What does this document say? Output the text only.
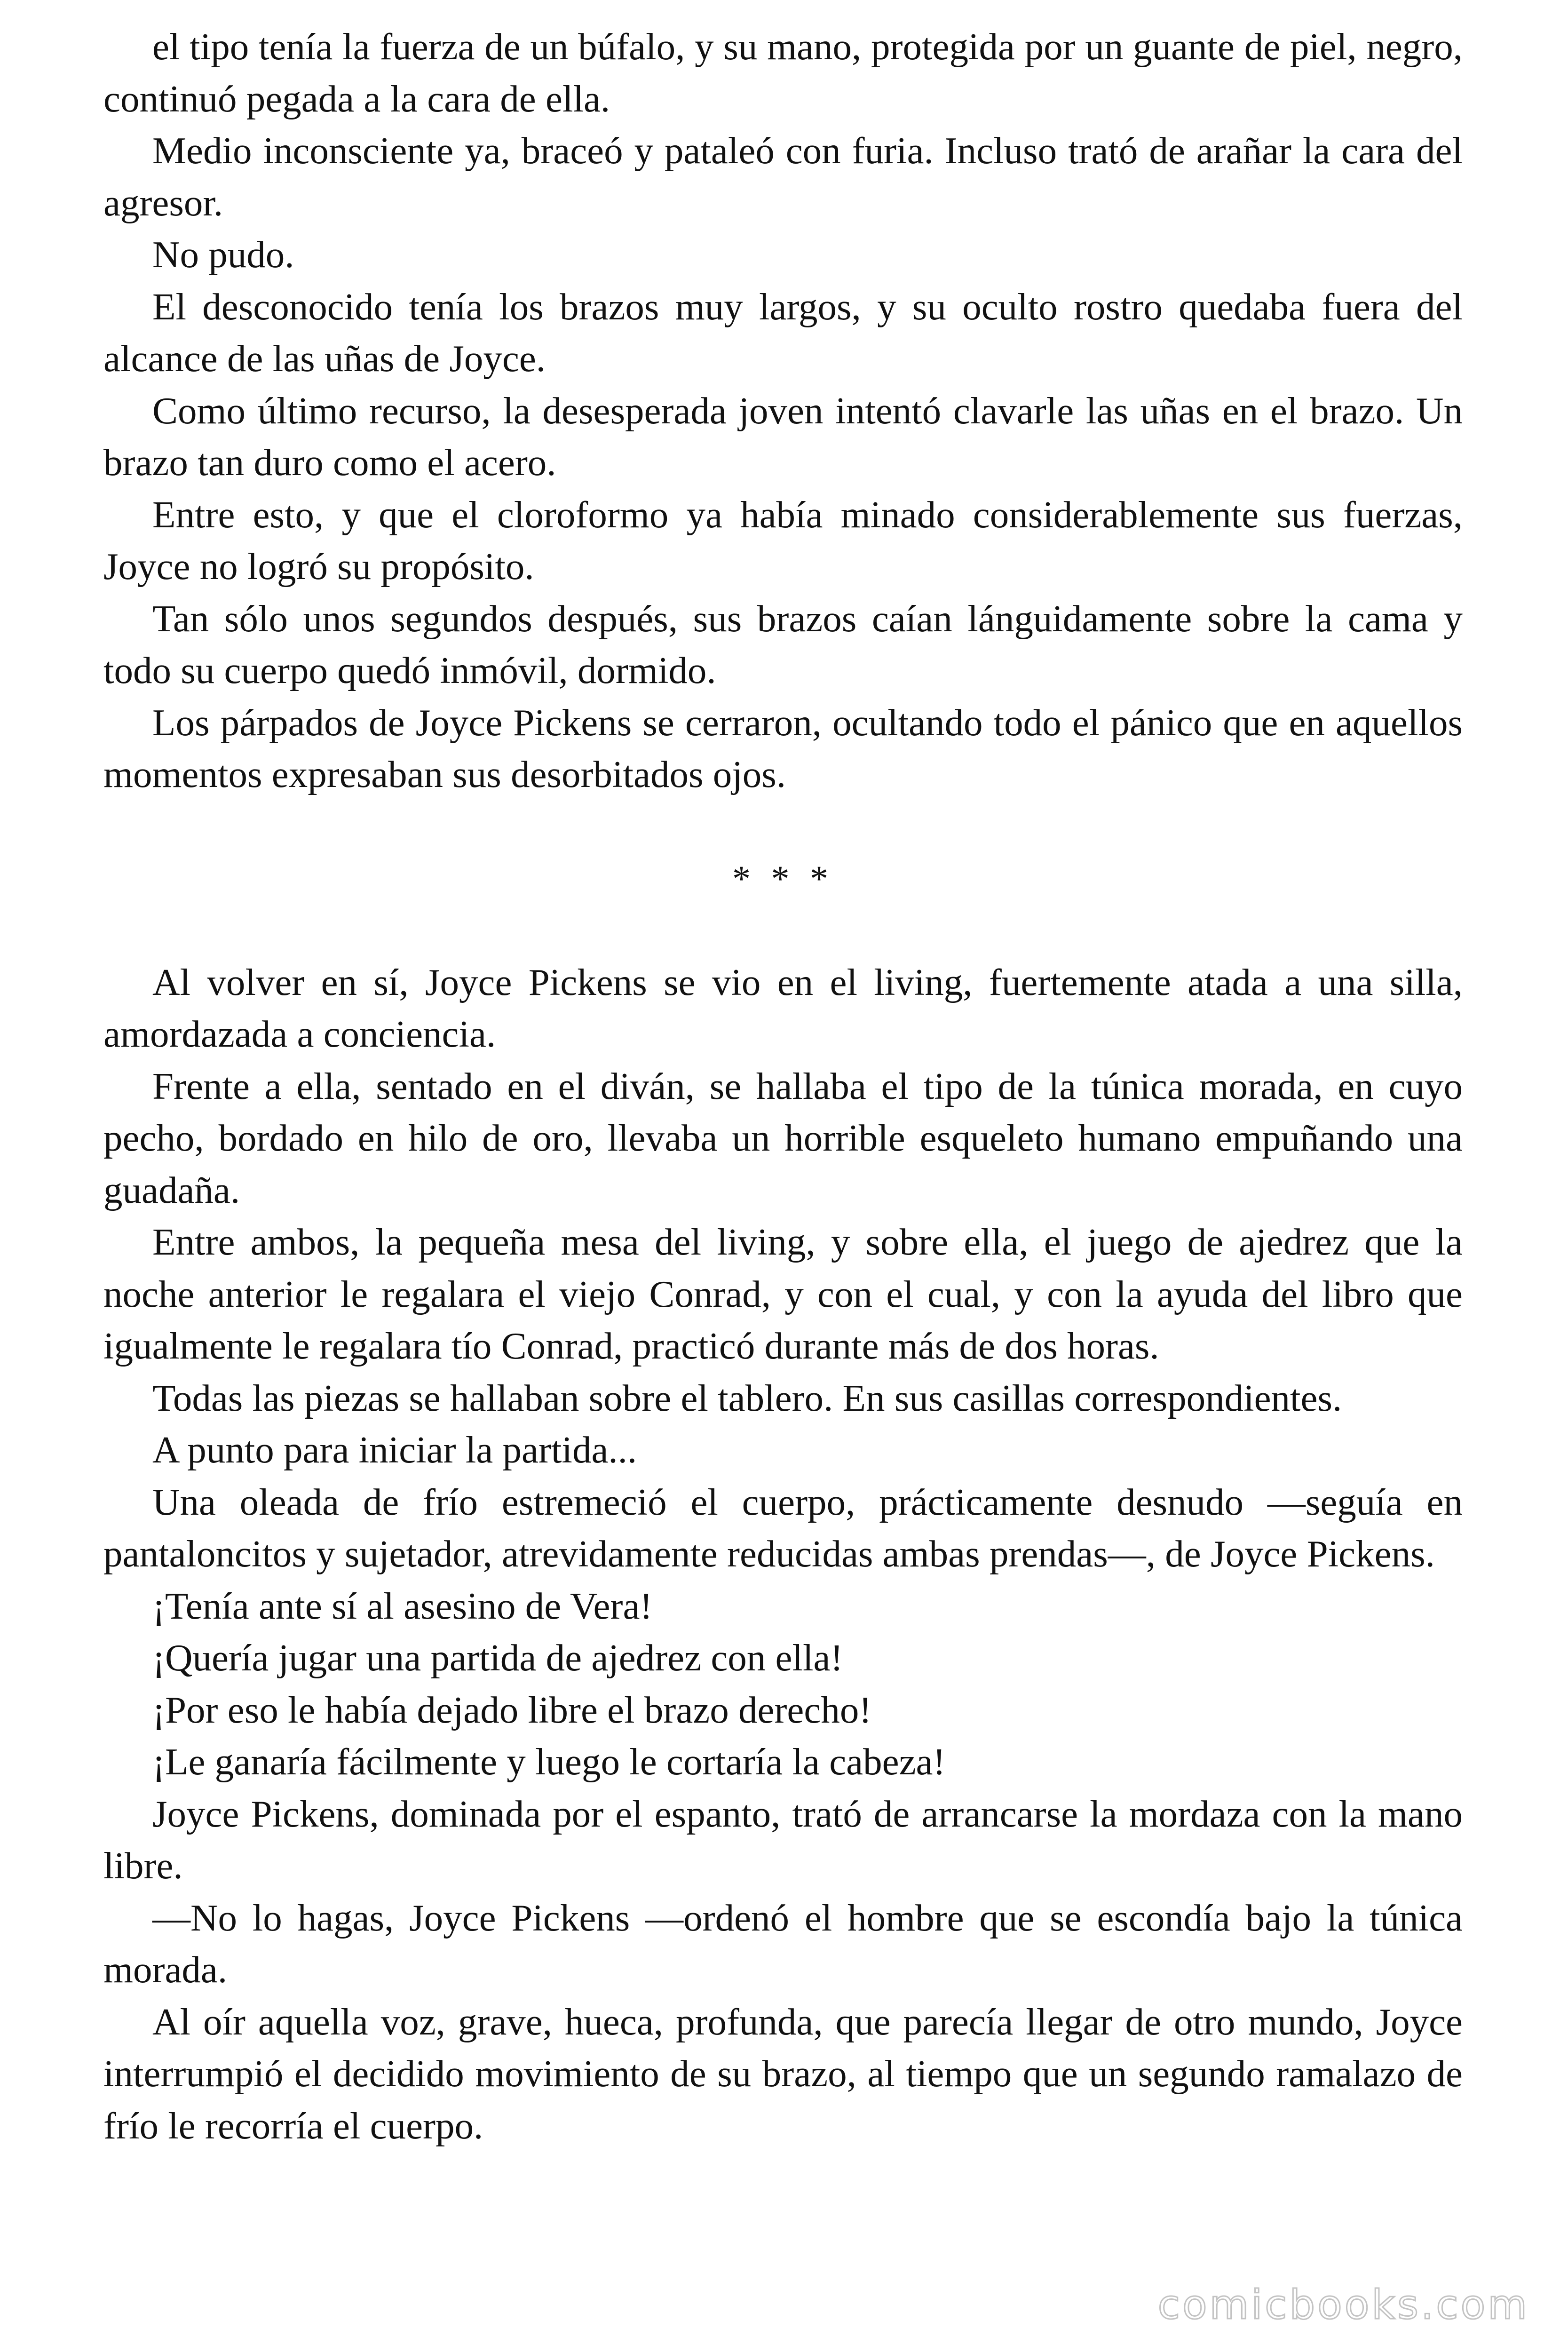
el tipo tenía la fuerza de un búfalo, y su mano, protegida por un guante de piel, negro, continuó pegada a la cara de ella.

Medio inconsciente ya, braceó y pataleó con furia. Incluso trató de arañar la cara del agresor.

No pudo.

El desconocido tenía los brazos muy largos, y su oculto rostro quedaba fuera del alcance de las uñas de Joyce.

Como último recurso, la desesperada joven intentó clavarle las uñas en el brazo. Un brazo tan duro como el acero.

Entre esto, y que el cloroformo ya había minado considerablemente sus fuerzas, Joyce no logró su propósito.

Tan sólo unos segundos después, sus brazos caían lánguidamente sobre la cama y todo su cuerpo quedó inmóvil, dormido.

Los párpados de Joyce Pickens se cerraron, ocultando todo el pánico que en aquellos momentos expresaban sus desorbitados ojos.

* * *

Al volver en sí, Joyce Pickens se vio en el living, fuertemente atada a una silla, amordazada a conciencia.

Frente a ella, sentado en el diván, se hallaba el tipo de la túnica morada, en cuyo pecho, bordado en hilo de oro, llevaba un horrible esqueleto humano empuñando una guadaña.

Entre ambos, la pequeña mesa del living, y sobre ella, el juego de ajedrez que la noche anterior le regalara el viejo Conrad, y con el cual, y con la ayuda del libro que igualmente le regalara tío Conrad, practicó durante más de dos horas.

Todas las piezas se hallaban sobre el tablero. En sus casillas correspondientes.

A punto para iniciar la partida...

Una oleada de frío estremeció el cuerpo, prácticamente desnudo —seguía en pantaloncitos y sujetador, atrevidamente reducidas ambas prendas—, de Joyce Pickens.

¡Tenía ante sí al asesino de Vera!

¡Quería jugar una partida de ajedrez con ella!

¡Por eso le había dejado libre el brazo derecho!

¡Le ganaría fácilmente y luego le cortaría la cabeza!

Joyce Pickens, dominada por el espanto, trató de arrancarse la mordaza con la mano libre.

—No lo hagas, Joyce Pickens —ordenó el hombre que se escondía bajo la túnica morada.

Al oír aquella voz, grave, hueca, profunda, que parecía llegar de otro mundo, Joyce interrumpió el decidido movimiento de su brazo, al tiempo que un segundo ramalazo de frío le recorría el cuerpo.

comicbooks.com
